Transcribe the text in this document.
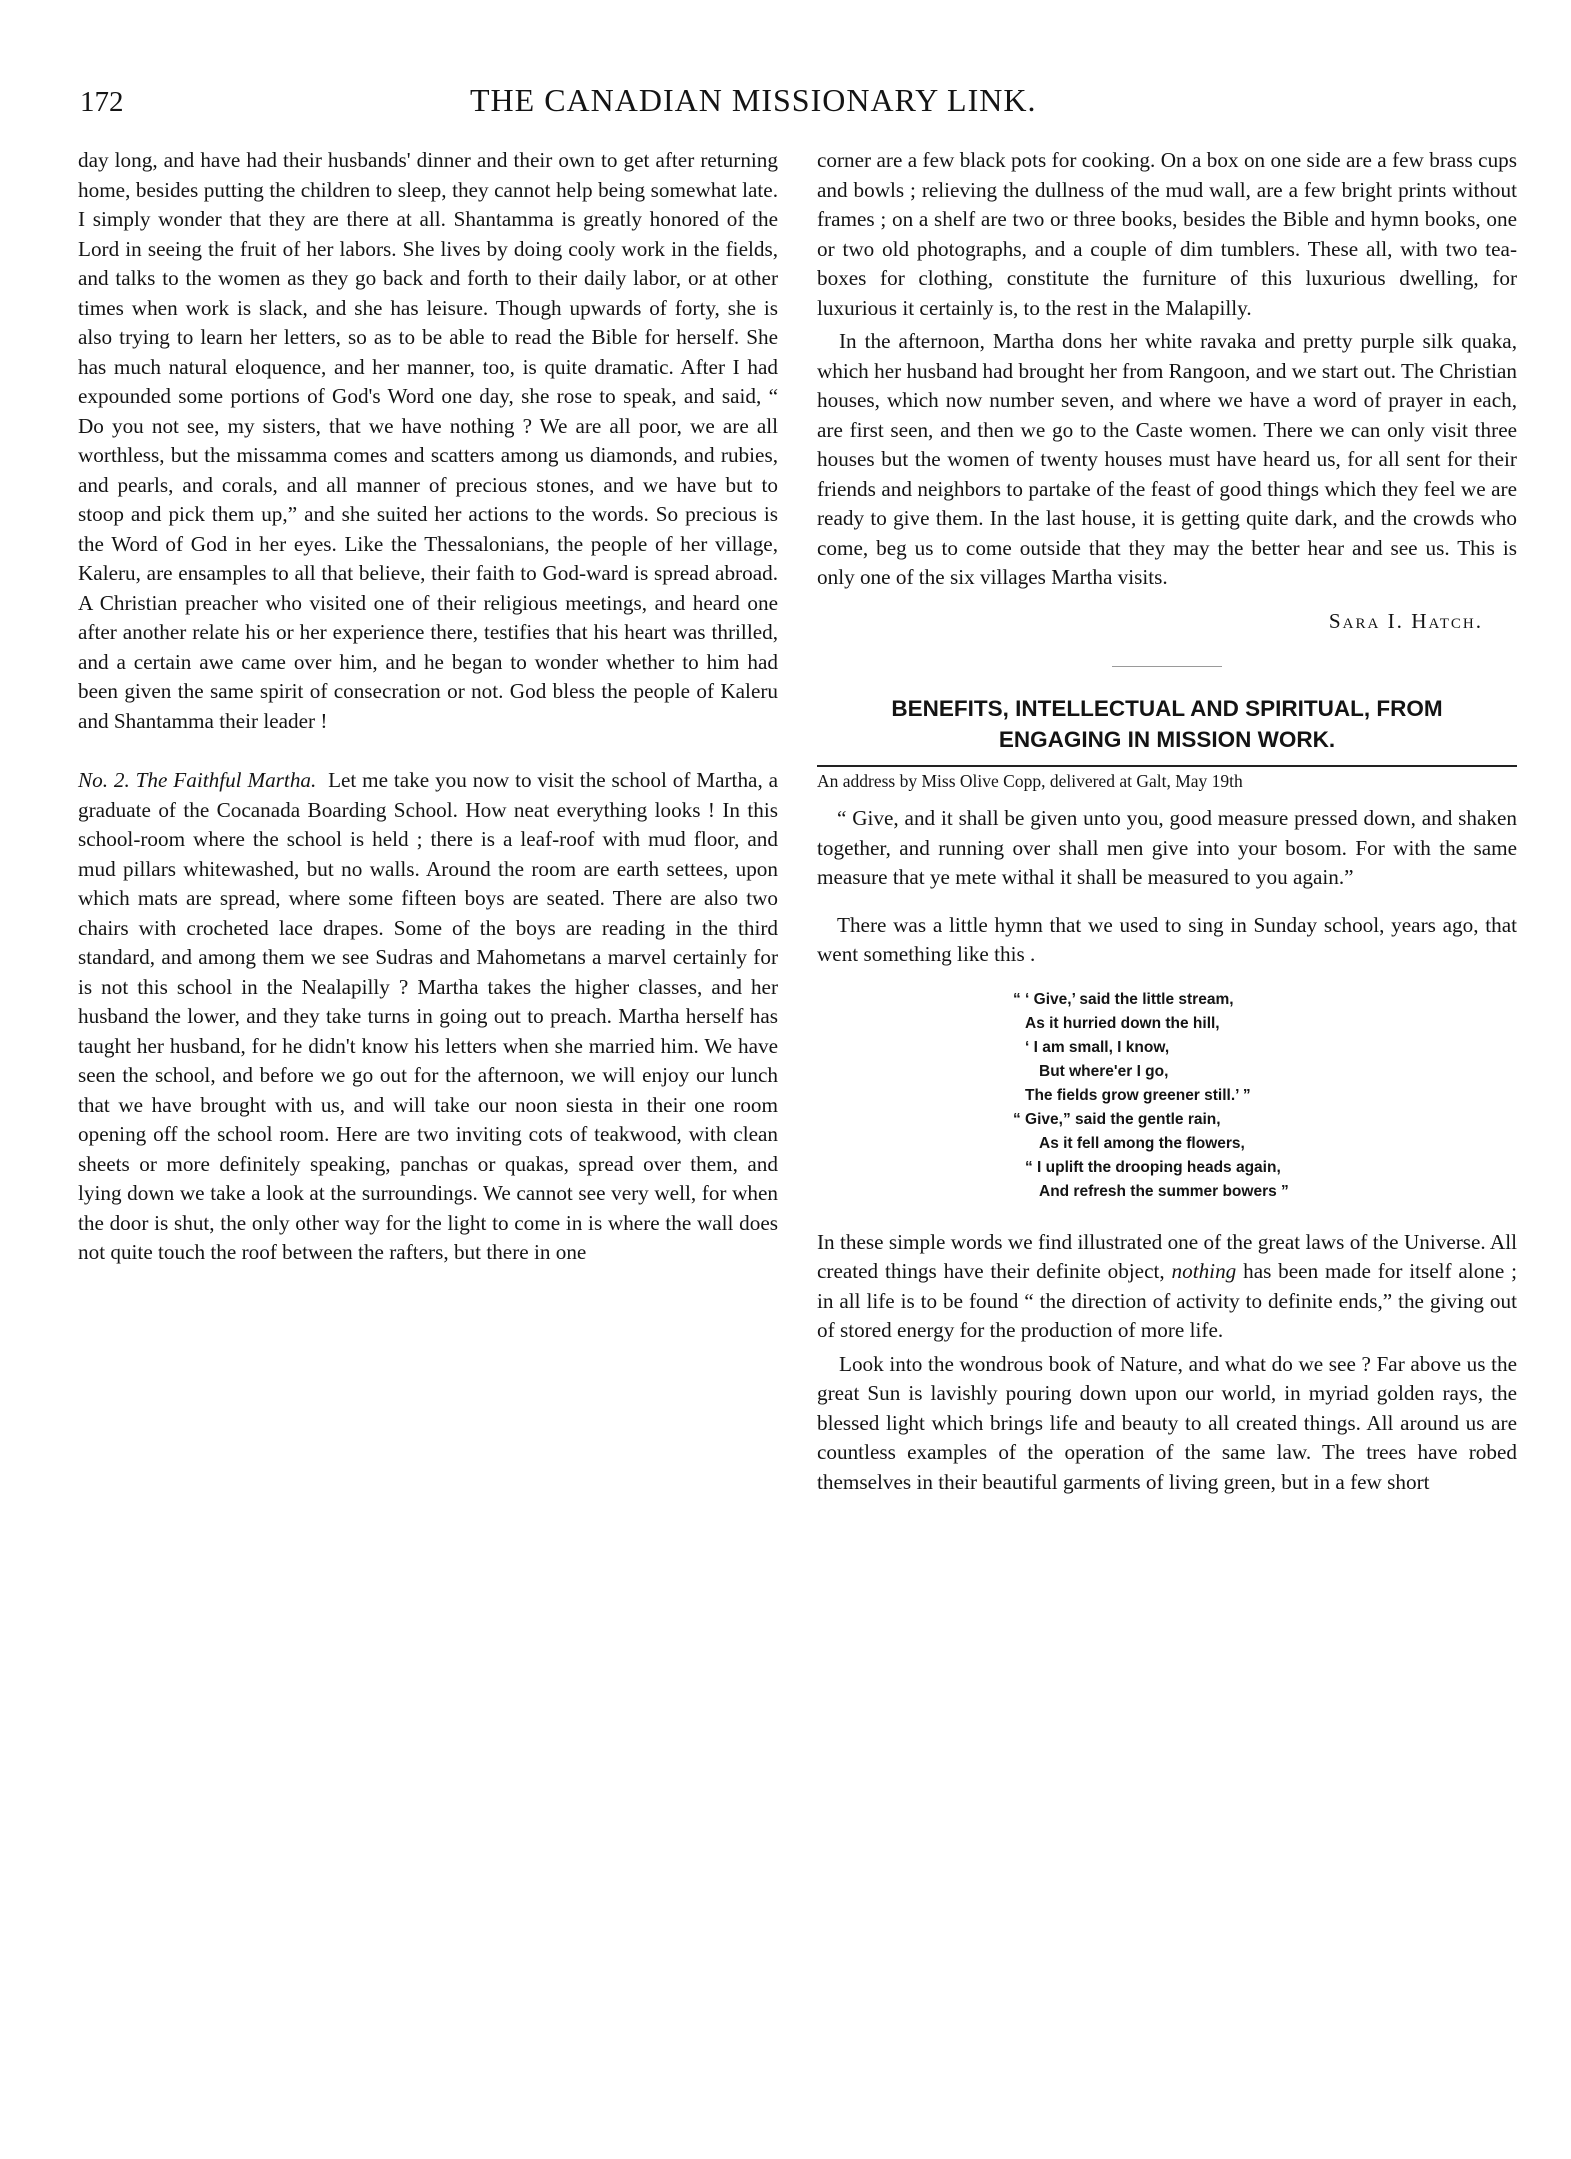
172	THE CANADIAN MISSIONARY LINK.

day long, and have had their husbands' dinner and their own to get after returning home, besides putting the children to sleep, they cannot help being somewhat late. I simply wonder that they are there at all. Shantamma is greatly honored of the Lord in seeing the fruit of her labors. She lives by doing cooly work in the fields, and talks to the women as they go back and forth to their daily labor, or at other times when work is slack, and she has leisure. Though upwards of forty, she is also trying to learn her letters, so as to be able to read the Bible for herself. She has much natural eloquence, and her manner, too, is quite dramatic. After I had expounded some portions of God's Word one day, she rose to speak, and said, “ Do you not see, my sisters, that we have nothing ? We are all poor, we are all worthless, but the missamma comes and scatters among us diamonds, and rubies, and pearls, and corals, and all manner of precious stones, and we have but to stoop and pick them up,” and she suited her actions to the words. So precious is the Word of God in her eyes. Like the Thessalonians, the people of her village, Kaleru, are ensamples to all that believe, their faith to God-ward is spread abroad. A Christian preacher who visited one of their religious meetings, and heard one after another relate his or her experience there, testifies that his heart was thrilled, and a certain awe came over him, and he began to wonder whether to him had been given the same spirit of consecration or not. God bless the people of Kaleru and Shantamma their leader !

No. 2. The Faithful Martha. Let me take you now to visit the school of Martha, a graduate of the Cocanada Boarding School. How neat everything looks ! In this school-room where the school is held ; there is a leaf-roof with mud floor, and mud pillars whitewashed, but no walls. Around the room are earth settees, upon which mats are spread, where some fifteen boys are seated. There are also two chairs with crocheted lace drapes. Some of the boys are reading in the third standard, and among them we see Sudras and Mahometans a marvel certainly for is not this school in the Nealapilly ? Martha takes the higher classes, and her husband the lower, and they take turns in going out to preach. Martha herself has taught her husband, for he didn't know his letters when she married him. We have seen the school, and before we go out for the afternoon, we will enjoy our lunch that we have brought with us, and will take our noon siesta in their one room opening off the school room. Here are two inviting cots of teakwood, with clean sheets or more definitely speaking, panchas or quakas, spread over them, and lying down we take a look at the surroundings. We cannot see very well, for when the door is shut, the only other way for the light to come in is where the wall does not quite touch the roof between the rafters, but there in one

corner are a few black pots for cooking. On a box on one side are a few brass cups and bowls ; relieving the dullness of the mud wall, are a few bright prints without frames ; on a shelf are two or three books, besides the Bible and hymn books, one or two old photographs, and a couple of dim tumblers. These all, with two tea-boxes for clothing, constitute the furniture of this luxurious dwelling, for luxurious it certainly is, to the rest in the Malapilly.

In the afternoon, Martha dons her white ravaka and pretty purple silk quaka, which her husband had brought her from Rangoon, and we start out. The Christian houses, which now number seven, and where we have a word of prayer in each, are first seen, and then we go to the Caste women. There we can only visit three houses but the women of twenty houses must have heard us, for all sent for their friends and neighbors to partake of the feast of good things which they feel we are ready to give them. In the last house, it is getting quite dark, and the crowds who come, beg us to come outside that they may the better hear and see us. This is only one of the six villages Martha visits.

Sara I. Hatch.
BENEFITS, INTELLECTUAL AND SPIRITUAL, FROM
ENGAGING IN MISSION WORK.
An address by Miss Olive Copp, delivered at Galt, May 19th

“ Give, and it shall be given unto you, good measure pressed down, and shaken together, and running over shall men give into your bosom. For with the same measure that ye mete withal it shall be measured to you again.”

There was a little hymn that we used to sing in Sunday school, years ago, that went something like this .

“ ‘ Give,’ said the little stream,
As it hurried down the hill,
‘ I am small, I know,
But where'er I go,
The fields grow greener still.’ ”
“ Give,” said the gentle rain,
As it fell among the flowers,
“ I uplift the drooping heads again,
And refresh the summer bowers ”

In these simple words we find illustrated one of the great laws of the Universe. All created things have their definite object, nothing has been made for itself alone ; in all life is to be found “ the direction of activity to definite ends,” the giving out of stored energy for the production of more life.

Look into the wondrous book of Nature, and what do we see ? Far above us the great Sun is lavishly pouring down upon our world, in myriad golden rays, the blessed light which brings life and beauty to all created things. All around us are countless examples of the operation of the same law. The trees have robed themselves in their beautiful garments of living green, but in a few short
